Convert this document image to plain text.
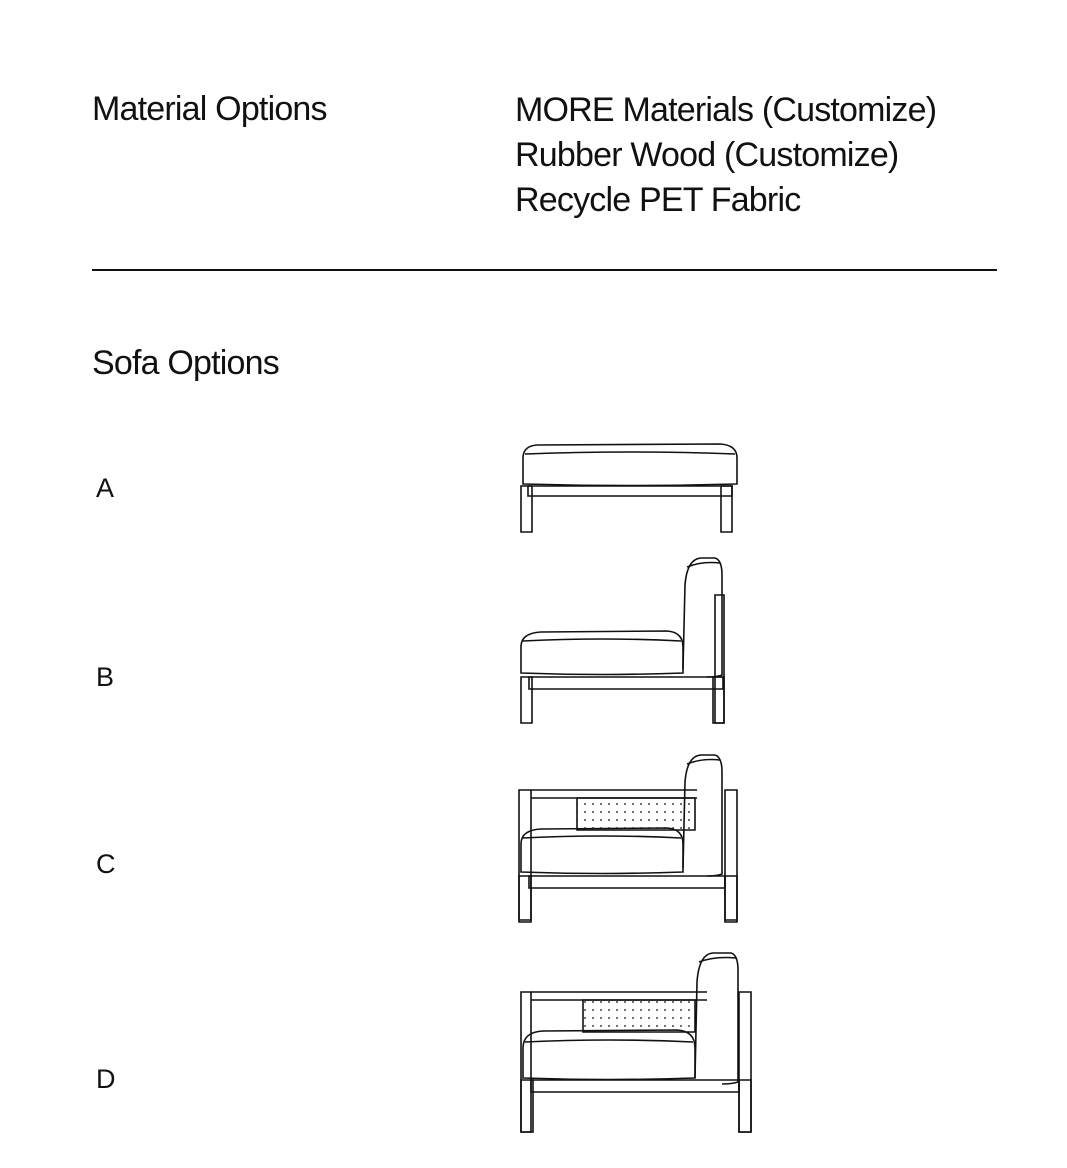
Material Options	MORE Materials (Customize)
Rubber Wood (Customize)
Recycle PET Fabric
Sofa Options
A
B
C
D
